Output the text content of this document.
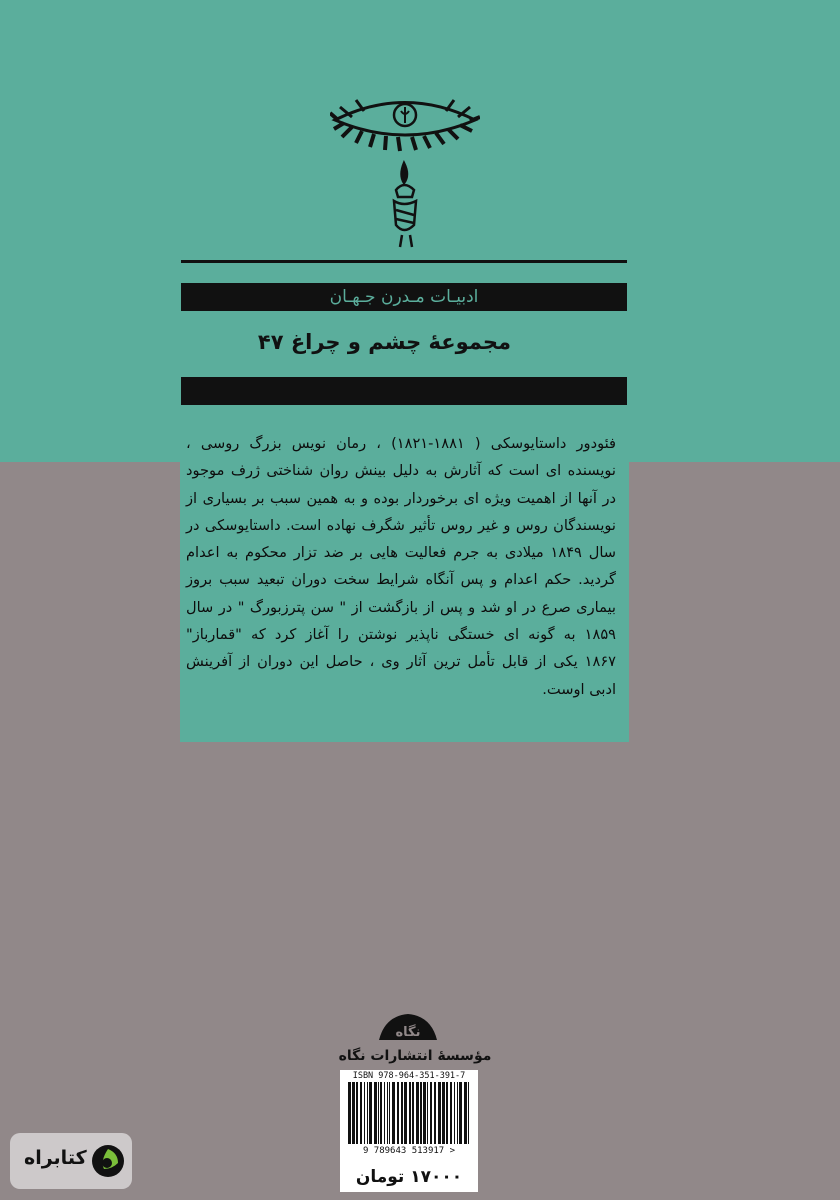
ادبیـات مـدرن جـهـان
مجموعهٔ چشم و چراغ ۴۷
فئودور داستایوسکی ( ۱۸۸۱-۱۸۲۱) ، رمان نویس بزرگ روسی ،
نویسنده ای است که آثارش به دلیل بینش روان شناختی ژرف موجود
در آنها از اهمیت ویژه ای برخوردار بوده و به همین سبب بر بسیاری از
نویسندگان روس و غیر روس تأثیر شگرف نهاده است. داستایوسکی در
سال ۱۸۴۹ میلادی به جرم فعالیت هایی بر ضد تزار محکوم به اعدام
گردید. حکم اعدام و پس آنگاه شرایط سخت دوران تبعید سبب بروز
بیماری صرع در او شد و پس از بازگشت از " سن پترزبورگ " در سال
۱۸۵۹ به گونه ای خستگی ناپذیر نوشتن را آغاز کرد که "قمارباز"
۱۸۶۷ یکی از قابل تأمل ترین آثار وی ، حاصل این دوران از آفرینش
ادبی اوست.
نگاه
مؤسسهٔ انتشارات نگاه
ISBN 978-964-351-391-7
9 789643 513917 >
۱۷۰۰۰ تومان
کتابراه
